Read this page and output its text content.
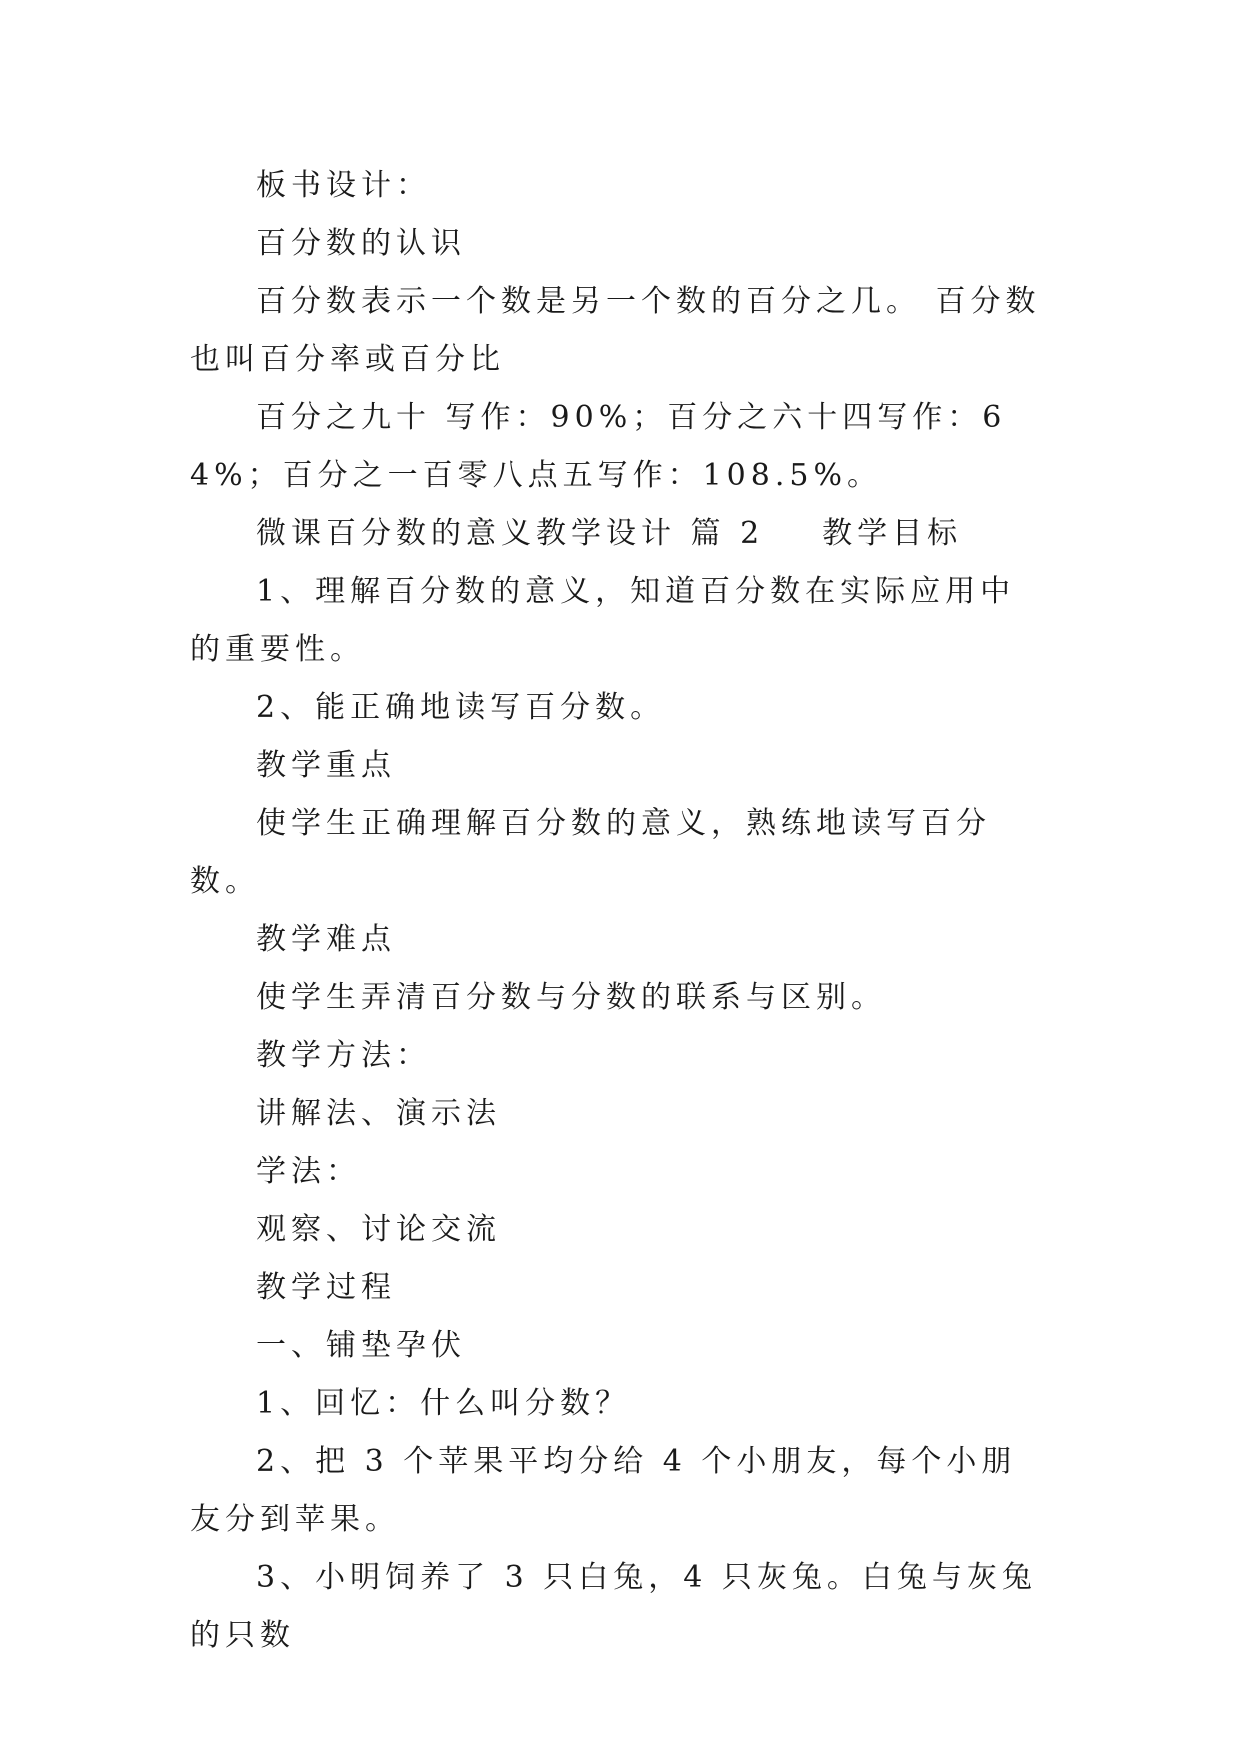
板书设计：

百分数的认识

百分数表示一个数是另一个数的百分之几。 百分数也叫百分率或百分比

百分之九十 写作：90%；百分之六十四写作：64%；百分之一百零八点五写作：108.5%。

微课百分数的意义教学设计 篇 2 教学目标

1、理解百分数的意义，知道百分数在实际应用中的重要性。

2、能正确地读写百分数。

教学重点

使学生正确理解百分数的意义，熟练地读写百分数。

教学难点

使学生弄清百分数与分数的联系与区别。

教学方法：

讲解法、演示法

学法：

观察、讨论交流

教学过程

一、铺垫孕伏

1、回忆：什么叫分数？

2、把 3 个苹果平均分给 4 个小朋友，每个小朋友分到苹果。

3、小明饲养了 3 只白兔，4 只灰兔。白兔与灰兔的只数
